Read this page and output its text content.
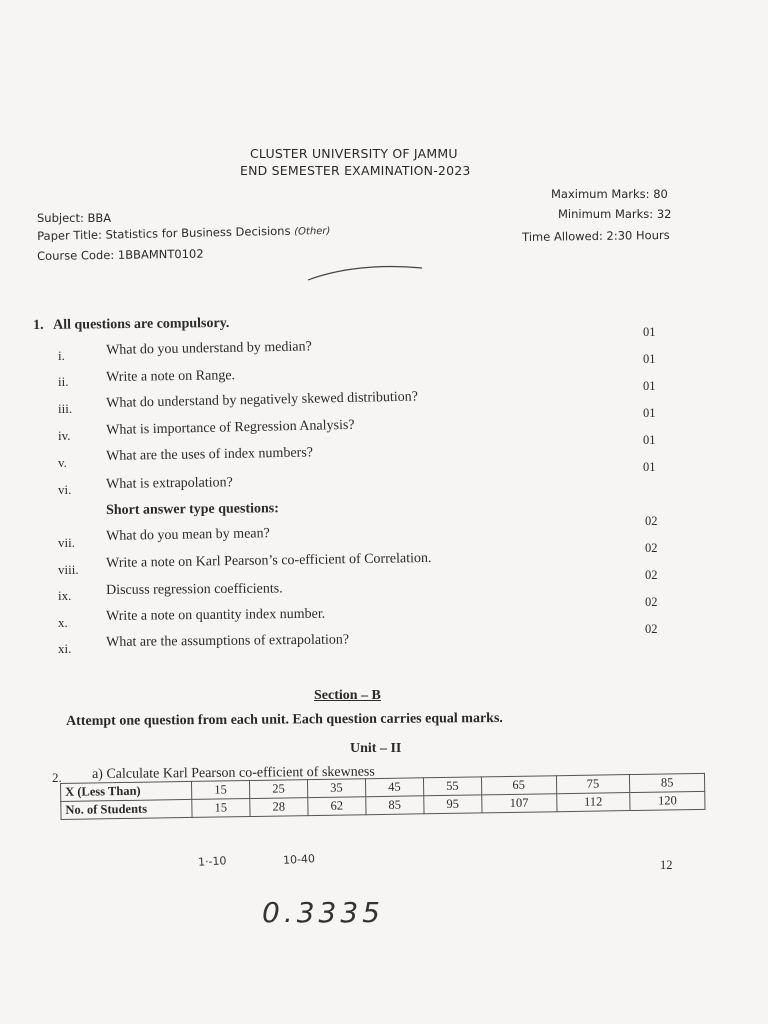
CLUSTER UNIVERSITY OF JAMMU
END SEMESTER EXAMINATION-2023
Subject: BBA
Paper Title: Statistics for Business Decisions (Other)
Course Code: 1BBAMNT0102
Maximum Marks: 80
Minimum Marks: 32
Time Allowed: 2:30 Hours
1. All questions are compulsory.
i.	What do you understand by median?
01
ii.	Write a note on Range.
01
iii. What do understand by negatively skewed distribution?
01
iv.	What is importance of Regression Analysis?
01
v.	What are the uses of index numbers?
01
vi. What is extrapolation?
01
Short answer type questions:
vii. What do you mean by mean?
02
viii. Write a note on Karl Pearson’s co-efficient of Correlation.
02
ix. Discuss regression coefficients.
02
x.	Write a note on quantity index number.
02
xi. What are the assumptions of extrapolation?
02
Section – B
Attempt one question from each unit. Each question carries equal marks.
Unit – II
2. a) Calculate Karl Pearson co-efficient of skewness
X (Less Than)	15	25	35	45	55	65	75	85
No. of Students	15	28	62	85	95	107	112	120
12
1·-10	10-40
0.3335
